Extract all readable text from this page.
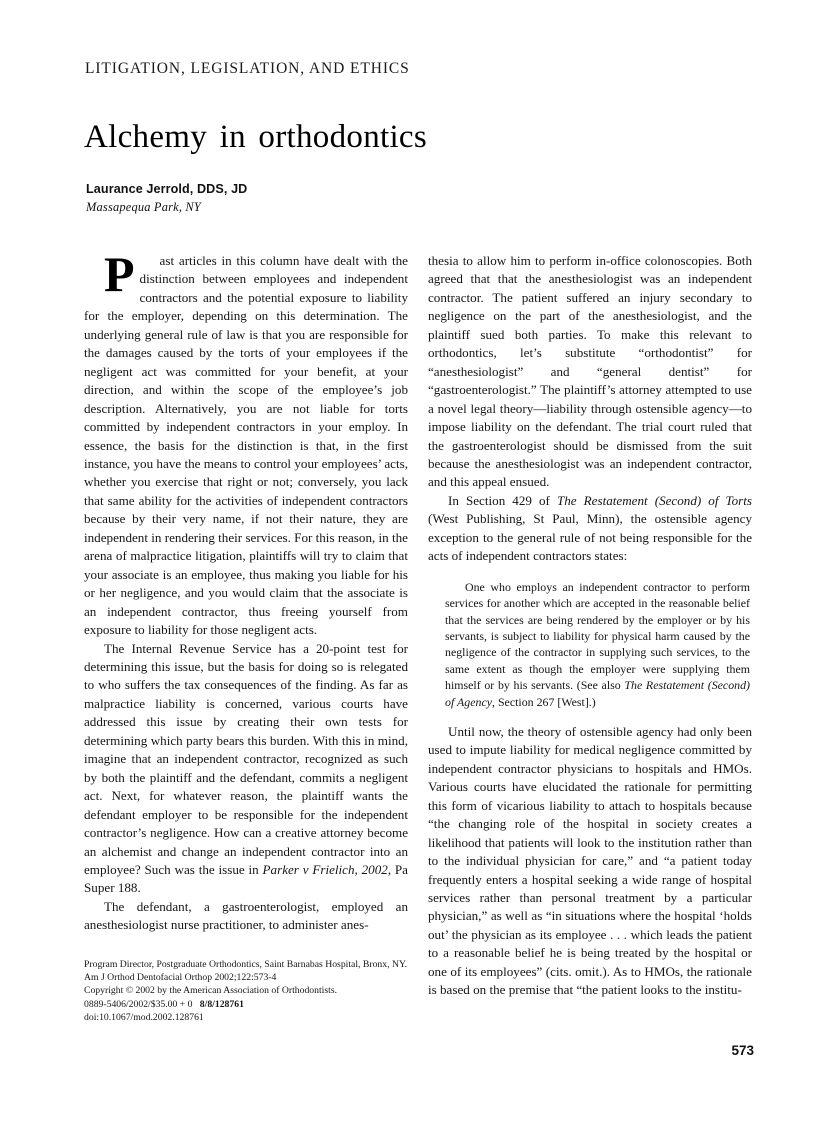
LITIGATION, LEGISLATION, AND ETHICS
Alchemy in orthodontics
Laurance Jerrold, DDS, JD
Massapequa Park, NY

P	ast articles in this column have dealt with the distinction between employees and independent contractors and the potential exposure to liability for the employer, depending on this determination. The underlying general rule of law is that you are responsible for the damages caused by the torts of your employees if the negligent act was committed for your benefit, at your direction, and within the scope of the employee’s job description. Alternatively, you are not liable for torts committed by independent contractors in your employ. In essence, the basis for the distinction is that, in the first instance, you have the means to control your employees’ acts, whether you exercise that right or not; conversely, you lack that same ability for the activities of independent contractors because by their very name, if not their nature, they are independent in rendering their services. For this reason, in the arena of malpractice litigation, plaintiffs will try to claim that your associate is an employee, thus making you liable for his or her negligence, and you would claim that the associate is an independent contractor, thus freeing yourself from exposure to liability for those negligent acts.

The Internal Revenue Service has a 20-point test for determining this issue, but the basis for doing so is relegated to who suffers the tax consequences of the finding. As far as malpractice liability is concerned, various courts have addressed this issue by creating their own tests for determining which party bears this burden. With this in mind, imagine that an independent contractor, recognized as such by both the plaintiff and the defendant, commits a negligent act. Next, for whatever reason, the plaintiff wants the defendant employer to be responsible for the independent contractor’s negligence. How can a creative attorney become an alchemist and change an independent contractor into an employee? Such was the issue in Parker v Frielich, 2002, Pa Super 188.

The defendant, a gastroenterologist, employed an anesthesiologist nurse practitioner, to administer anes-

thesia to allow him to perform in-office colonoscopies. Both agreed that that the anesthesiologist was an independent contractor. The patient suffered an injury secondary to negligence on the part of the anesthesiologist, and the plaintiff sued both parties. To make this relevant to orthodontics, let’s substitute “orthodontist” for “anesthesiologist” and “general dentist” for “gastroenterologist.” The plaintiff’s attorney attempted to use a novel legal theory—liability through ostensible agency—to impose liability on the defendant. The trial court ruled that the gastroenterologist should be dismissed from the suit because the anesthesiologist was an independent contractor, and this appeal ensued.

In Section 429 of The Restatement (Second) of Torts (West Publishing, St Paul, Minn), the ostensible agency exception to the general rule of not being responsible for the acts of independent contractors states:

One who employs an independent contractor to perform services for another which are accepted in the reasonable belief that the services are being rendered by the employer or by his servants, is subject to liability for physical harm caused by the negligence of the contractor in supplying such services, to the same extent as though the employer were supplying them himself or by his servants. (See also The Restatement (Second) of Agency, Section 267 [West].)

Until now, the theory of ostensible agency had only been used to impute liability for medical negligence committed by independent contractor physicians to hospitals and HMOs. Various courts have elucidated the rationale for permitting this form of vicarious liability to attach to hospitals because “the changing role of the hospital in society creates a likelihood that patients will look to the institution rather than to the individual physician for care,” and “a patient today frequently enters a hospital seeking a wide range of hospital services rather than personal treatment by a particular physician,” as well as “in situations where the hospital ‘holds out’ the physician as its employee . . . which leads the patient to a reasonable belief he is being treated by the hospital or one of its employees” (cits. omit.). As to HMOs, the rationale is based on the premise that “the patient looks to the institu-

Program Director, Postgraduate Orthodontics, Saint Barnabas Hospital, Bronx, NY.
Am J Orthod Dentofacial Orthop 2002;122:573-4
Copyright © 2002 by the American Association of Orthodontists.
0889-5406/2002/$35.00 + 0 8/8/128761
doi:10.1067/mod.2002.128761
573
